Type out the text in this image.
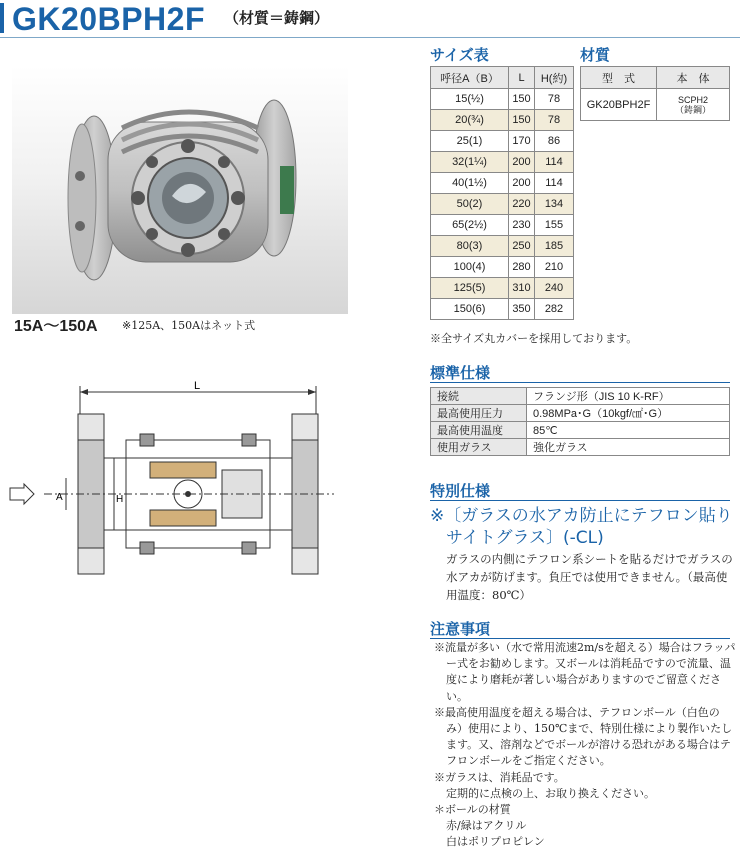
GK20BPH2F （材質＝鋳鋼）
15A～150A ※125A、150Aはネット式
L
H
A
サイズ表
呼径A（B）	L	H(約)
15(½)	150	78
20(¾)	150	78
25(1)	170	86
32(1¼)	200	114
40(1½)	200	114
50(2)	220	134
65(2½)	230	155
80(3)	250	185
100(4)	280	210
125(5)	310	240
150(6)	350	282
※全サイズ丸カバーを採用しております。
材質
型　式	本　体
GK20BPH2F	SCPH2
（鋳鋼）
標準仕様
接続	フランジ形（JIS 10 K-RF）
最高使用圧力	0.98MPa･G（10kgf/㎠･G）
最高使用温度	85℃
使用ガラス	強化ガラス
特別仕様
※〔ガラスの水アカ防止にテフロン貼り
サイトグラス〕(-CL)
ガラスの内側にテフロン系シートを貼るだけでガラスの水アカが防げます。負圧では使用できません。（最高使用温度：80℃）
注意事項
※流量が多い（水で常用流速2m/sを超える）場合はフラッパー式をお勧めします。又ボールは消耗品ですので流量、温度により磨耗が著しい場合がありますのでご留意ください。
※最高使用温度を超える場合は、テフロンボール（白色のみ）使用により、150℃まで、特別仕様により製作いたします。又、溶剤などでボールが溶ける恐れがある場合はテフロンボールをご指定ください。
※ガラスは、消耗品です。
定期的に点検の上、お取り換えください。
＊ボールの材質
赤/緑はアクリル
白はポリプロピレン
